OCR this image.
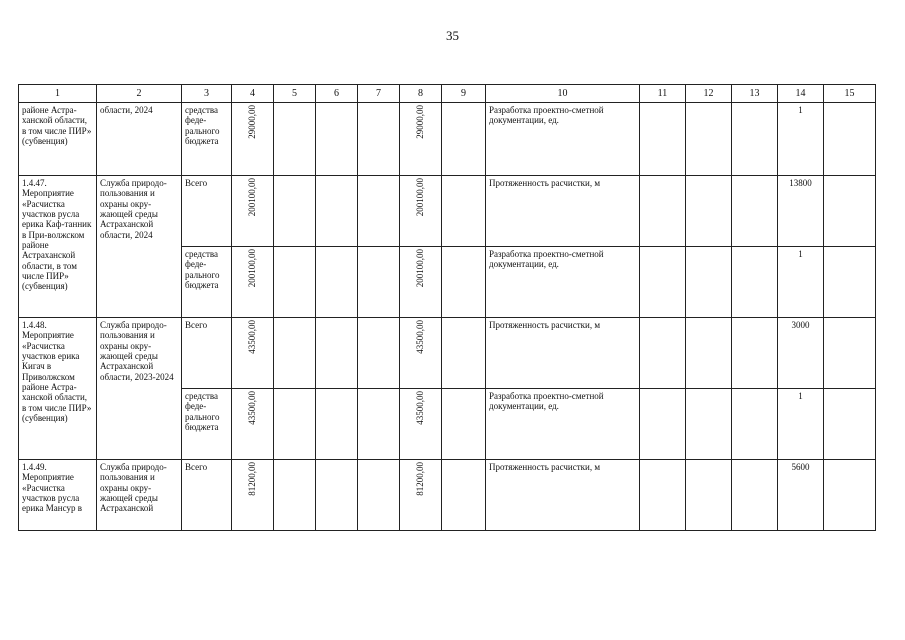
35
1	2	3	4	5	6	7	8	9	10	11	12	13	14	15
районе Астра-ханской области, в том числе ПИР» (субвенция)	области, 2024	средства феде-рального бюджета	29000,00				29000,00		Разработка проектно-сметной документации, ед.				1	
1.4.47. Мероприятие «Расчистка участков русла ерика Каф-танник в При-волжском районе Астраханской области, в том числе ПИР» (субвенция)	Служба природо-пользования и охраны окру-жающей среды Астраханской области, 2024	Всего	200100,00				200100,00		Протяженность расчистки, м				13800	
		средства феде-рального бюджета	200100,00				200100,00		Разработка проектно-сметной документации, ед.				1	
1.4.48. Мероприятие «Расчистка участков ерика Кигач в Приволжском районе Астра-ханской области, в том числе ПИР» (субвенция)	Служба природо-пользования и охраны окру-жающей среды Астраханской области, 2023-2024	Всего	43500,00				43500,00		Протяженность расчистки, м				3000	
		средства феде-рального бюджета	43500,00				43500,00		Разработка проектно-сметной документации, ед.				1	
1.4.49. Мероприятие «Расчистка участков русла ерика Мансур в	Служба природо-пользования и охраны окру-жающей среды Астраханской	Всего	81200,00				81200,00		Протяженность расчистки, м				5600	
